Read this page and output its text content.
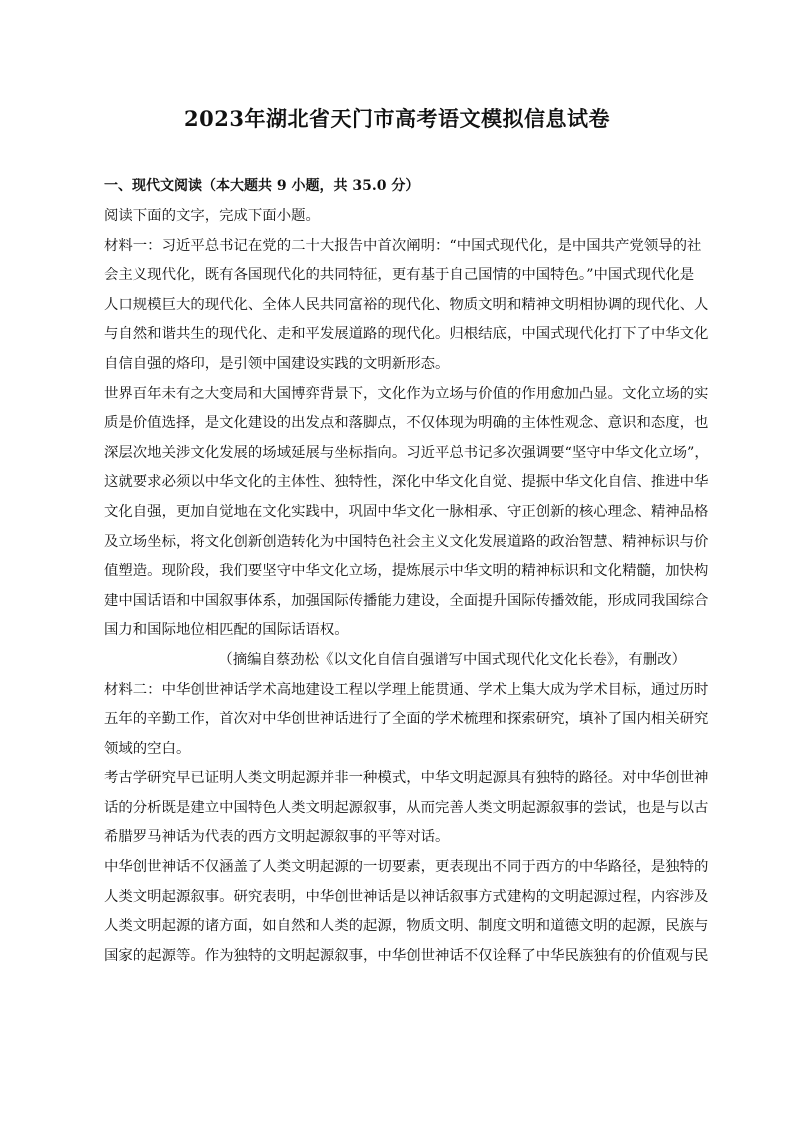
2023年湖北省天门市高考语文模拟信息试卷
一、现代文阅读（本大题共 9 小题，共 35.0 分）
阅读下面的文字，完成下面小题。
材料一：习近平总书记在党的二十大报告中首次阐明：“中国式现代化，是中国共产党领导的社
会主义现代化，既有各国现代化的共同特征，更有基于自己国情的中国特色。”中国式现代化是
人口规模巨大的现代化、全体人民共同富裕的现代化、物质文明和精神文明相协调的现代化、人
与自然和谐共生的现代化、走和平发展道路的现代化。归根结底，中国式现代化打下了中华文化
自信自强的烙印，是引领中国建设实践的文明新形态。
世界百年未有之大变局和大国博弈背景下，文化作为立场与价值的作用愈加凸显。文化立场的实
质是价值选择，是文化建设的出发点和落脚点，不仅体现为明确的主体性观念、意识和态度，也
深层次地关涉文化发展的场域延展与坐标指向。习近平总书记多次强调要“坚守中华文化立场”，
这就要求必须以中华文化的主体性、独特性，深化中华文化自觉、提振中华文化自信、推进中华
文化自强，更加自觉地在文化实践中，巩固中华文化一脉相承、守正创新的核心理念、精神品格
及立场坐标，将文化创新创造转化为中国特色社会主义文化发展道路的政治智慧、精神标识与价
值塑造。现阶段，我们要坚守中华文化立场，提炼展示中华文明的精神标识和文化精髓，加快构
建中国话语和中国叙事体系，加强国际传播能力建设，全面提升国际传播效能，形成同我国综合
国力和国际地位相匹配的国际话语权。
（摘编自蔡劲松《以文化自信自强谱写中国式现代化文化长卷》，有删改）
材料二：中华创世神话学术高地建设工程以学理上能贯通、学术上集大成为学术目标，通过历时
五年的辛勤工作，首次对中华创世神话进行了全面的学术梳理和探索研究，填补了国内相关研究
领域的空白。
考古学研究早已证明人类文明起源并非一种模式，中华文明起源具有独特的路径。对中华创世神
话的分析既是建立中国特色人类文明起源叙事，从而完善人类文明起源叙事的尝试，也是与以古
希腊罗马神话为代表的西方文明起源叙事的平等对话。
中华创世神话不仅涵盖了人类文明起源的一切要素，更表现出不同于西方的中华路径，是独特的
人类文明起源叙事。研究表明，中华创世神话是以神话叙事方式建构的文明起源过程，内容涉及
人类文明起源的诸方面，如自然和人类的起源，物质文明、制度文明和道德文明的起源，民族与
国家的起源等。作为独特的文明起源叙事，中华创世神话不仅诠释了中华民族独有的价值观与民
